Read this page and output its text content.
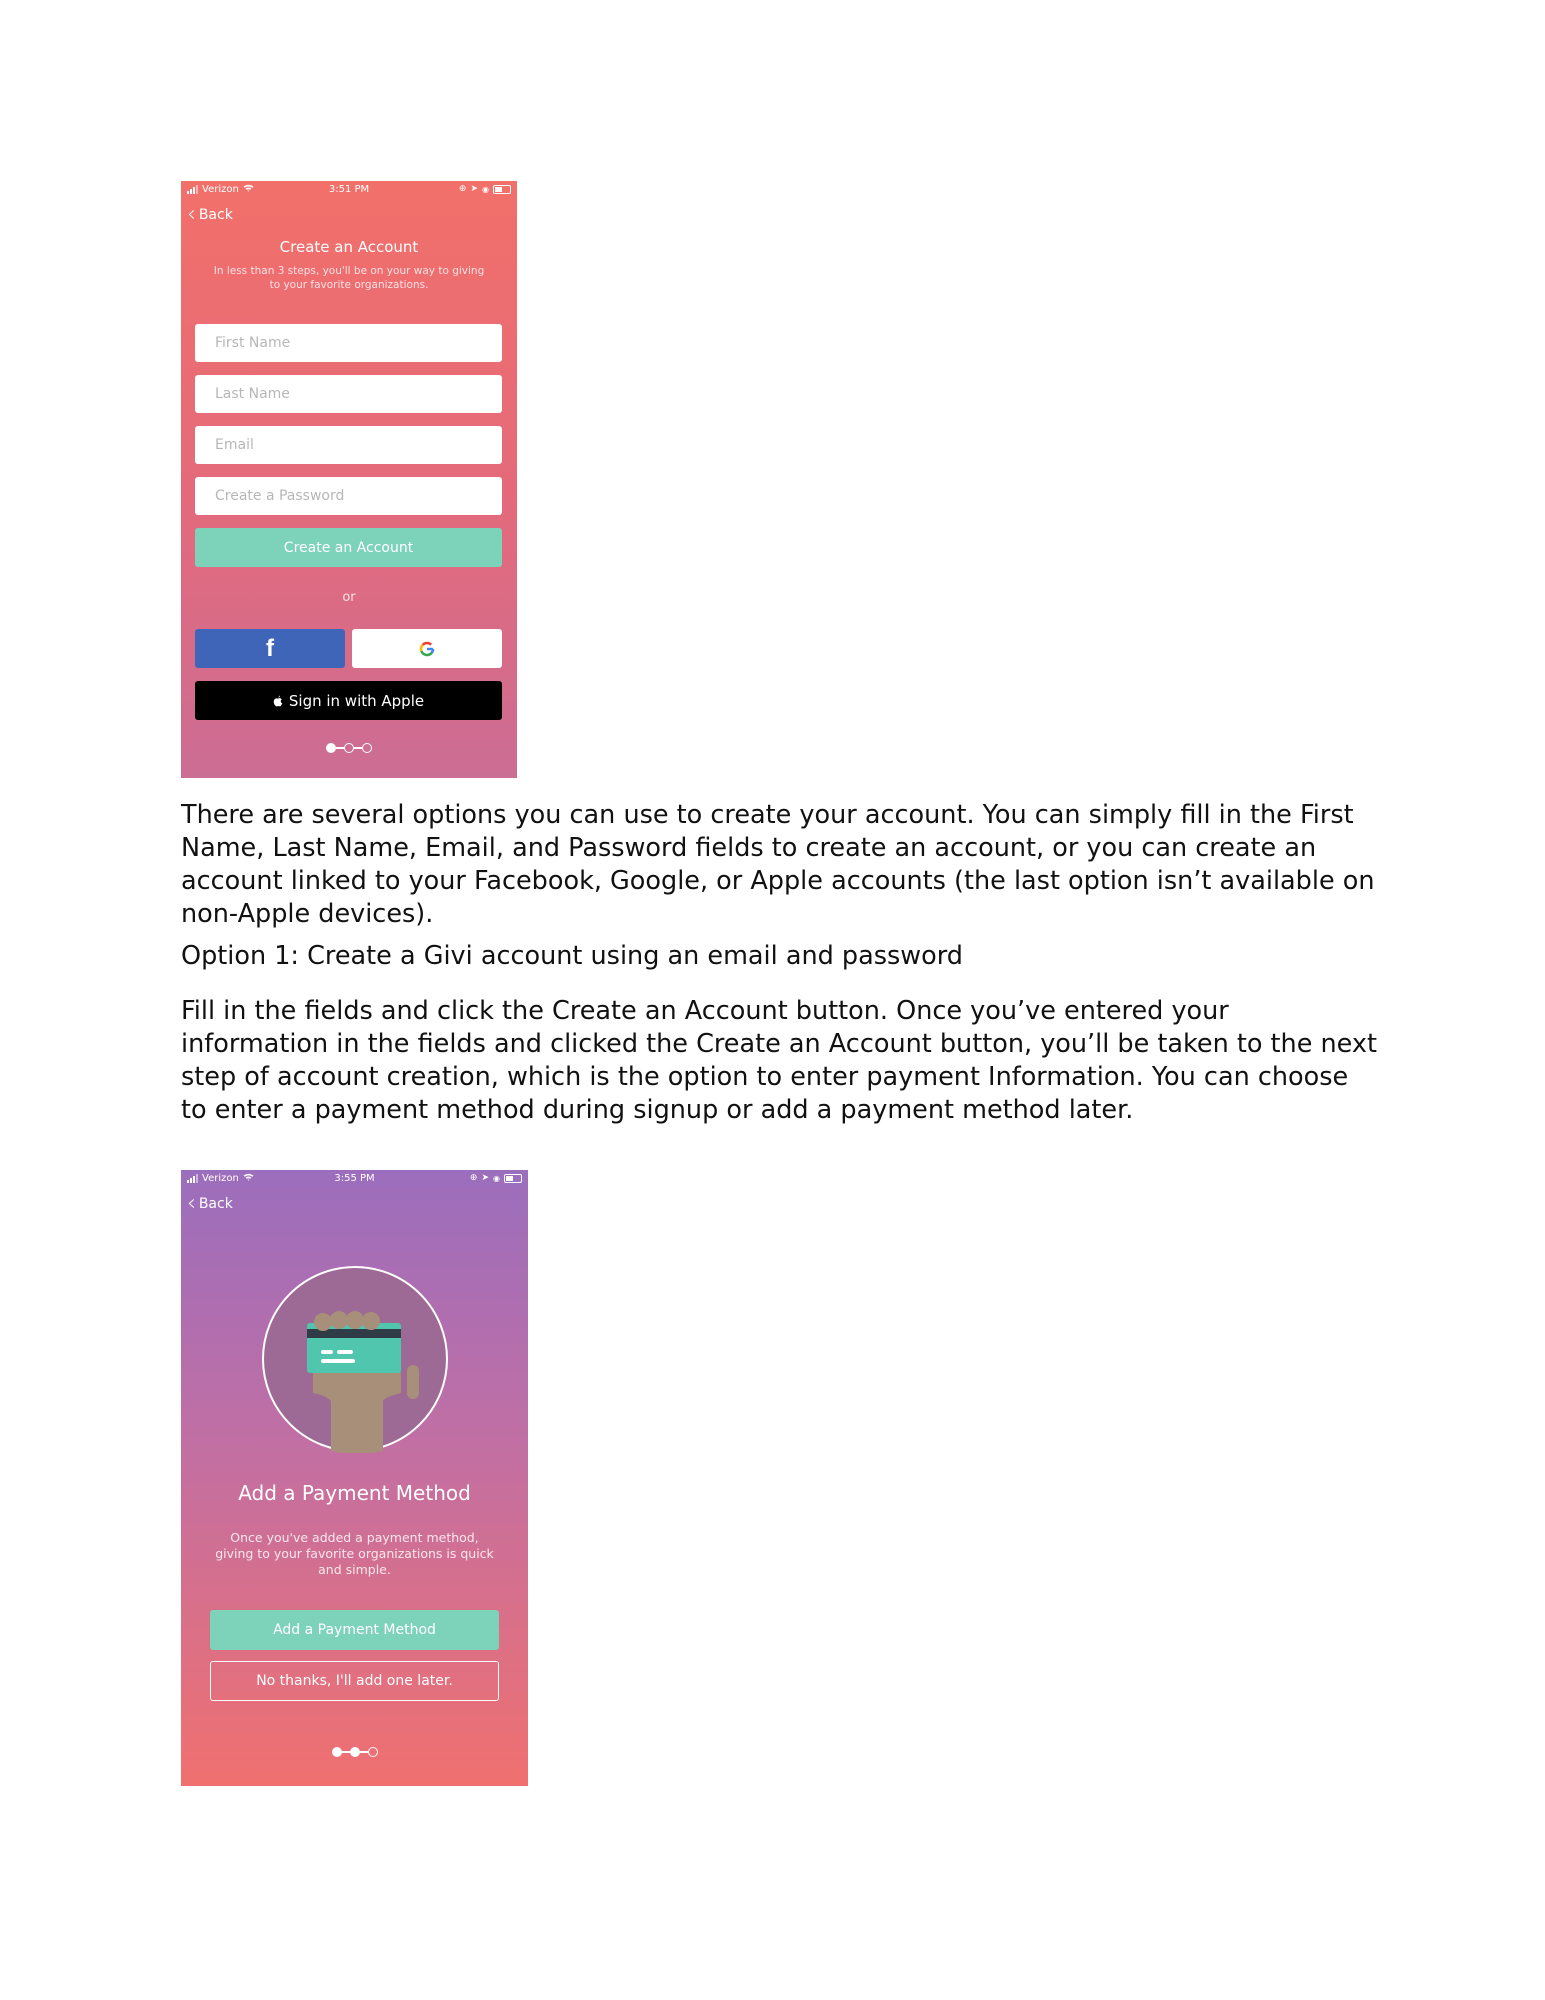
Verizon	3:51 PM	⊕ ➤ ◉
‹ Back
Create an Account
In less than 3 steps, you'll be on your way to giving to your favorite organizations.
First Name
Last Name
Email
Create a Password
Create an Account
or
f
Sign in with Apple

There are several options you can use to create your account. You can simply fill in the First Name, Last Name, Email, and Password fields to create an account, or you can create an account linked to your Facebook, Google, or Apple accounts (the last option isn’t available on non-Apple devices).

Option 1: Create a Givi account using an email and password

Fill in the fields and click the Create an Account button. Once you’ve entered your information in the fields and clicked the Create an Account button, you’ll be taken to the next step of account creation, which is the option to enter payment Information. You can choose to enter a payment method during signup or add a payment method later.

Verizon	3:55 PM	⊕ ➤ ◉
‹ Back
Add a Payment Method
Once you've added a payment method, giving to your favorite organizations is quick and simple.
Add a Payment Method
No thanks, I'll add one later.
